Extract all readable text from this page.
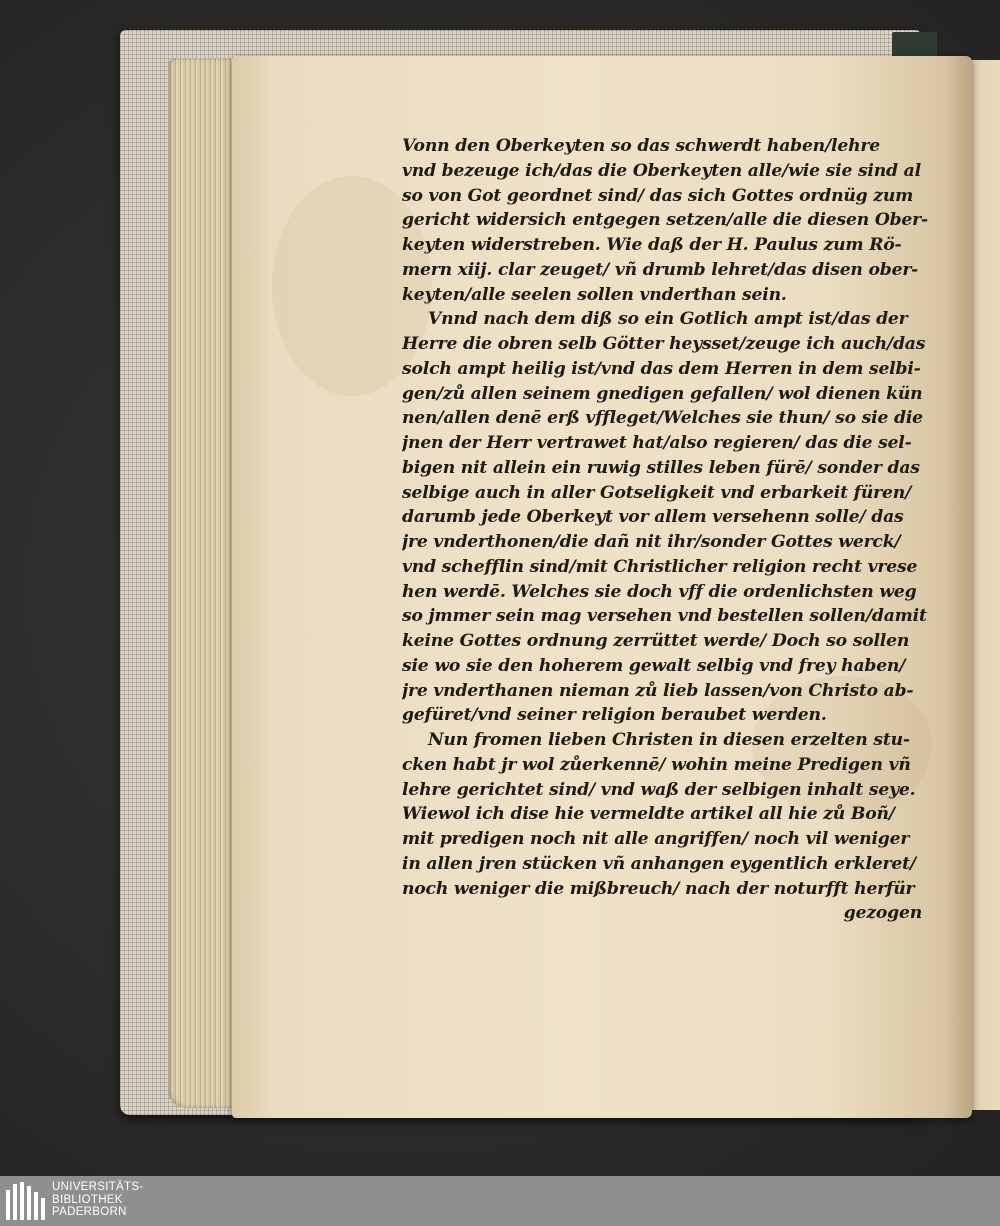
Vonn den Oberkeyten so das schwerdt haben/lehre
vnd bezeuge ich/das die Oberkeyten alle/wie sie sind al
so von Got geordnet sind/ das sich Gottes ordnüg zum
gericht widersich entgegen setzen/alle die diesen Ober-
keyten widerstreben. Wie daß der H. Paulus zum Rö-
mern xiij. clar zeuget/ vñ drumb lehret/das disen ober-
keyten/alle seelen sollen vnderthan sein.
Vnnd nach dem diß so ein Gotlich ampt ist/das der
Herre die obren selb Götter heysset/zeuge ich auch/das
solch ampt heilig ist/vnd das dem Herren in dem selbi-
gen/zů allen seinem gnedigen gefallen/ wol dienen kün
nen/allen denē erß vffleget/Welches sie thun/ so sie die
jnen der Herr vertrawet hat/also regieren/ das die sel-
bigen nit allein ein ruwig stilles leben fürē/ sonder das
selbige auch in aller Gotseligkeit vnd erbarkeit füren/
darumb jede Oberkeyt vor allem versehenn solle/ das
jre vnderthonen/die dañ nit ihr/sonder Gottes werck/
vnd schefflin sind/mit Christlicher religion recht vrese
hen werdē. Welches sie doch vff die ordenlichsten weg
so jmmer sein mag versehen vnd bestellen sollen/damit
keine Gottes ordnung zerrüttet werde/ Doch so sollen
sie wo sie den hoherem gewalt selbig vnd frey haben/
jre vnderthanen nieman zů lieb lassen/von Christo ab-
gefüret/vnd seiner religion beraubet werden.
Nun fromen lieben Christen in diesen erzelten stu-
cken habt jr wol zůerkennē/ wohin meine Predigen vñ
lehre gerichtet sind/ vnd waß der selbigen inhalt seye.
Wiewol ich dise hie vermeldte artikel all hie zů Boñ/
mit predigen noch nit alle angriffen/ noch vil weniger
in allen jren stücken vñ anhangen eygentlich erkleret/
noch weniger die mißbreuch/ nach der noturfft herfür
gezogen
UNIVERSITÄTS-
BIBLIOTHEK
PADERBORN
